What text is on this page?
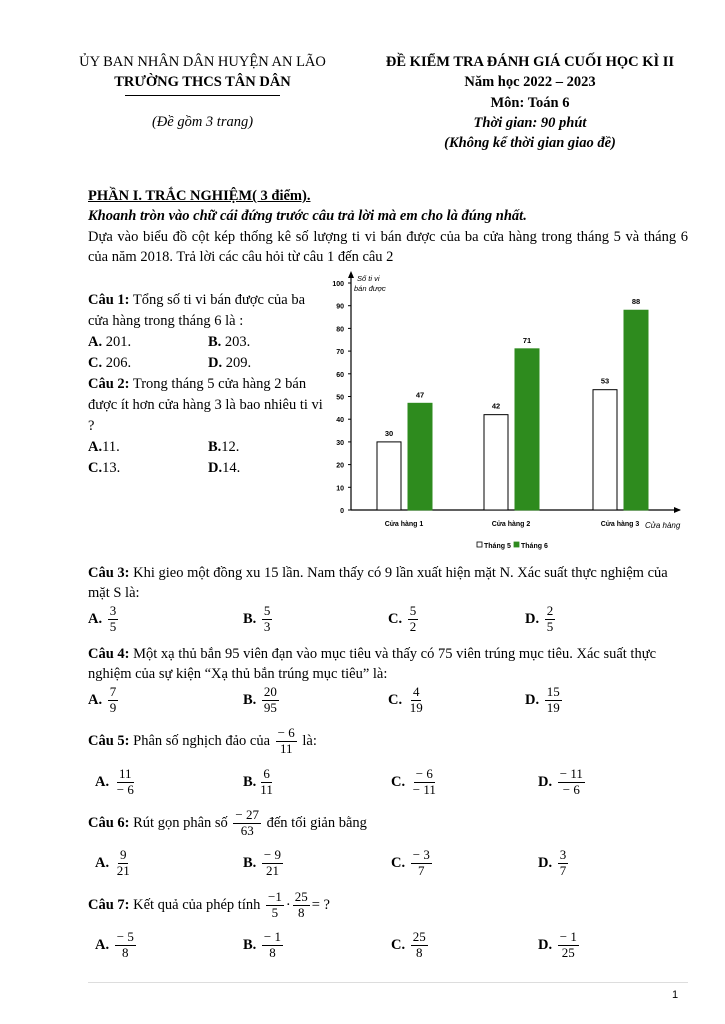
ỦY BAN NHÂN DÂN HUYỆN AN LÃO
TRƯỜNG THCS TÂN DÂN
(Đề gồm 3 trang)
ĐỀ KIỂM TRA ĐÁNH GIÁ CUỐI HỌC KÌ II
Năm học 2022 – 2023
Môn: Toán 6
Thời gian: 90 phút
(Không kể thời gian giao đề)
PHẦN I. TRẮC NGHIỆM( 3 điểm).
Khoanh tròn vào chữ cái đứng trước câu trả lời mà em cho là đúng nhất.
Dựa vào biểu đồ cột kép thống kê số lượng ti vi bán được của ba cửa hàng trong tháng 5 và tháng 6 của năm 2018. Trả lời các câu hỏi từ câu 1 đến câu 2
Câu 1: Tổng số ti vi bán được của ba cửa hàng trong tháng 6 là :
A. 201.	B. 203.
C. 206.	D. 209.
Câu 2: Trong tháng 5 cửa hàng 2 bán được ít hơn cửa hàng 3 là bao nhiêu ti vi ?
A.11.	B.12.
C.13.	D.14.
0
10
20
30
40
50
60
70
80
90
100
Số ti vi
bán được
Cửa hàng
30
47
Cửa hàng 1
42
71
Cửa hàng 2
53
88
Cửa hàng 3
Tháng 5 Tháng 6
Câu 3: Khi gieo một đồng xu 15 lần. Nam thấy có 9 lần xuất hiện mặt N. Xác suất thực nghiệm của mặt S là:
A. $\frac{3}{5}$	B. $\frac{5}{3}$	C. $\frac{5}{2}$	D. $\frac{2}{5}$
Câu 4: Một xạ thủ bắn 95 viên đạn vào mục tiêu và thấy có 75 viên trúng mục tiêu. Xác suất thực nghiệm của sự kiện “Xạ thủ bắn trúng mục tiêu” là:
A. $\frac{7}{9}$	B. $\frac{20}{95}$	C. $\frac{4}{19}$	D. $\frac{15}{19}$
Câu 5: Phân số nghịch đảo của $\frac{- 6}{11}$ là:
A. $\frac{11}{- 6}$	B. $\frac{6}{11}$	C. $\frac{- 6}{- 11}$	D. $\frac{- 11}{- 6}$
Câu 6: Rút gọn phân số $\frac{- 27}{63}$ đến tối giản bằng
A. $\frac{9}{21}$	B. $\frac{- 9}{21}$	C. $\frac{- 3}{7}$	D. $\frac{3}{7}$
Câu 7: Kết quả của phép tính $\frac{-1}{5} \cdot \frac{25}{8}$ = ?
A. $\frac{- 5}{8}$	B. $\frac{- 1}{8}$	C. $\frac{25}{8}$	D. $\frac{- 1}{25}$
1
